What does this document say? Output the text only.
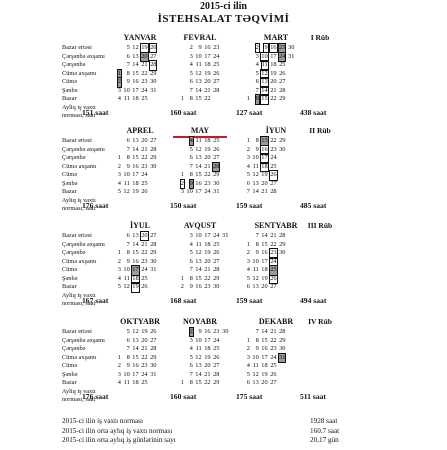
2015-ci ilin
İSTEHSALAT TƏQVİMİ
Bazar ertəsi
Çərşənbə axşamı
Çərşənbə
Cümə axşamı
Cümə
Şənbə
Bazar
Ayliq iş vaxtı
norması, saat
I Rüb
438 saat
YANVAR
5 12 19 26
6 13 20 27
7 14 21 28
1 8 15 22 29
2 9 16 23 30
3 10 17 24 31
4 11 18 25
151 saat
FEVRAL
2 9 16 23
3 10 17 24
4 11 18 25
5 12 19 26
6 13 20 27
7 14 21 28
1 8 15 22
160 saat
MART
2 9 16 23 30
3 10 17 24 31
4 11 18 25
5 12 19 26
6 13 20 27
7 14 21 28
1 8 15 22 29
127 saat
Bazar ertəsi
Çərşənbə axşamı
Çərşənbə
Cümə axşamı
Cümə
Şənbə
Bazar
Ayliq iş vaxtı
norması, saat
II Rüb
485 saat
APREL
6 13 20 27
7 14 21 28
1 8 15 22 29
2 9 16 23 30
3 10 17 24
4 11 18 25
5 12 19 26
176 saat
MAY
4 11 18 25
5 12 19 26
6 13 20 27
7 14 21 28
1 8 15 22 29
2 9 16 23 30
3 10 17 24 31
150 saat
İYUN
1 8 15 22 29
2 9 16 23 30
3 10 17 24
4 11 18 25
5 12 19 26
6 13 20 27
7 14 21 28
159 saat
Bazar ertəsi
Çərşənbə axşamı
Çərşənbə
Cümə axşamı
Cümə
Şənbə
Bazar
Ayliq iş vaxtı
norması, saat
III Rüb
494 saat
İYUL
6 13 20 27
7 14 21 28
1 8 15 22 29
2 9 16 23 30
3 10 17 24 31
4 11 18 25
5 12 19 26
167 saat
AVQUST
3 10 17 24 31
4 11 18 25
5 12 19 26
6 13 20 27
7 14 21 28
1 8 15 22 29
2 9 16 23 30
168 saat
SENTYABR
7 14 21 28
1 8 15 22 29
2 9 16 23 30
3 10 17 24
4 11 18 25
5 12 19 26
6 13 20 27
159 saat
Bazar ertəsi
Çərşənbə axşamı
Çərşənbə
Cümə axşamı
Cümə
Şənbə
Bazar
Ayliq iş vaxtı
norması, saat
IV Rüb
511 saat
OKTYABR
5 12 19 26
6 13 20 27
7 14 21 28
1 8 15 22 29
2 9 16 23 30
3 10 17 24 31
4 11 18 25
176 saat
NOYABR
2 9 16 23 30
3 10 17 24
4 11 18 25
5 12 19 26
6 13 20 27
7 14 21 28
1 8 15 22 29
160 saat
DEKABR
7 14 21 28
1 8 15 22 29
2 9 16 23 30
3 10 17 24 31
4 11 18 25
5 12 19 26
6 13 20 27
175 saat
2015-ci ilin iş vaxtı norması	1928 saat
2015-ci ilin orta aylıq iş vaxtı norması	160.7 saat
2015-ci ilin orta aylıq iş günlərinin sayı	20,17 gün
